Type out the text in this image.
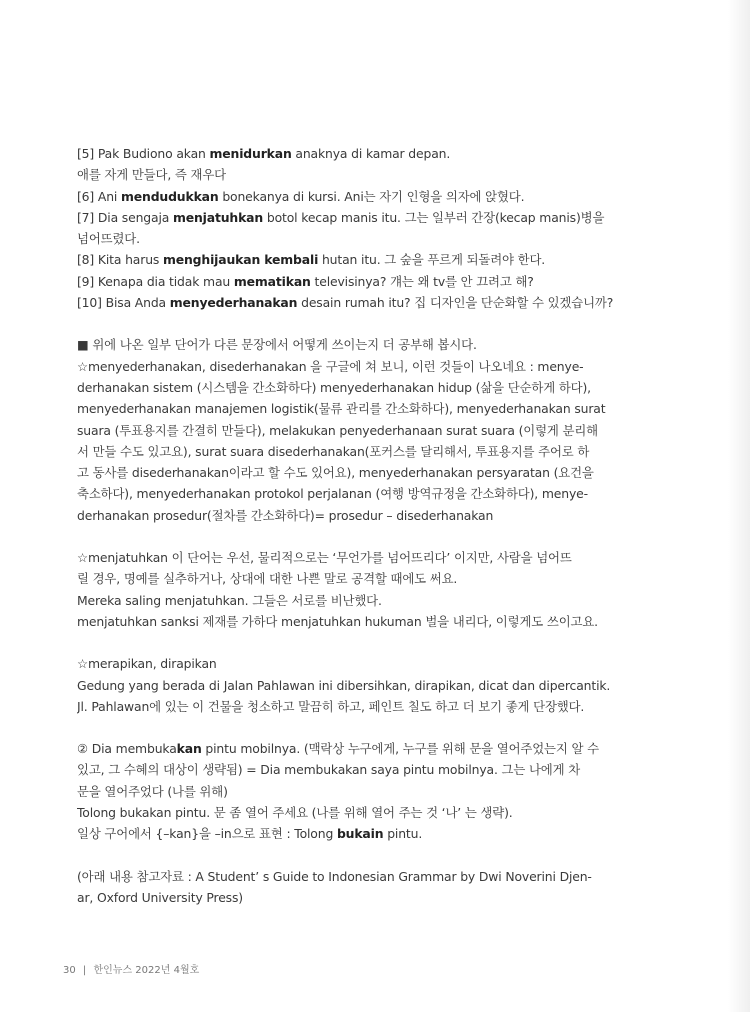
[5] Pak Budiono akan menidurkan anaknya di kamar depan.
애를 자게 만들다, 즉 재우다
[6] Ani mendudukkan bonekanya di kursi. Ani는 자기 인형을 의자에 앉혔다.
[7] Dia sengaja menjatuhkan botol kecap manis itu. 그는 일부러 간장(kecap manis)병을
넘어뜨렸다.
[8] Kita harus menghijaukan kembali hutan itu. 그 숲을 푸르게 되돌려야 한다.
[9] Kenapa dia tidak mau mematikan televisinya? 걔는 왜 tv를 안 끄려고 해?
[10] Bisa Anda menyederhanakan desain rumah itu? 집 디자인을 단순화할 수 있겠습니까?
■ 위에 나온 일부 단어가 다른 문장에서 어떻게 쓰이는지 더 공부해 봅시다.
☆menyederhanakan, disederhanakan 을 구글에 쳐 보니, 이런 것들이 나오네요 : menye-
derhanakan sistem (시스템을 간소화하다) menyederhanakan hidup (삶을 단순하게 하다),
menyederhanakan manajemen logistik(물류 관리를 간소화하다), menyederhanakan surat
suara (투표용지를 간결히 만들다), melakukan penyederhanaan surat suara (이렇게 분리해
서 만들 수도 있고요), surat suara disederhanakan(포커스를 달리해서, 투표용지를 주어로 하
고 동사를 disederhanakan이라고 할 수도 있어요), menyederhanakan persyaratan (요건을
축소하다), menyederhanakan protokol perjalanan (여행 방역규정을 간소화하다), menye-
derhanakan prosedur(절차를 간소화하다)= prosedur – disederhanakan
☆menjatuhkan 이 단어는 우선, 물리적으로는 ‘무언가를 넘어뜨리다’ 이지만, 사람을 넘어뜨
릴 경우, 명예를 실추하거나, 상대에 대한 나쁜 말로 공격할 때에도 써요.
Mereka saling menjatuhkan. 그들은 서로를 비난했다.
menjatuhkan sanksi 제재를 가하다 menjatuhkan hukuman 벌을 내리다, 이렇게도 쓰이고요.
☆merapikan, dirapikan
Gedung yang berada di Jalan Pahlawan ini dibersihkan, dirapikan, dicat dan dipercantik.
Jl. Pahlawan에 있는 이 건물을 청소하고 말끔히 하고, 페인트 칠도 하고 더 보기 좋게 단장했다.
② Dia membukakan pintu mobilnya. (맥락상 누구에게, 누구를 위해 문을 열어주었는지 알 수
있고, 그 수혜의 대상이 생략됨) = Dia membukakan saya pintu mobilnya. 그는 나에게 차
문을 열어주었다 (나를 위해)
Tolong bukakan pintu. 문 좀 열어 주세요 (나를 위해 열어 주는 것 ‘나’ 는 생략).
일상 구어에서 {–kan}을 –in으로 표현 : Tolong bukain pintu.
(아래 내용 참고자료 : A Student’ s Guide to Indonesian Grammar by Dwi Noverini Djen-
ar, Oxford University Press)
30 | 한인뉴스 2022년 4월호
